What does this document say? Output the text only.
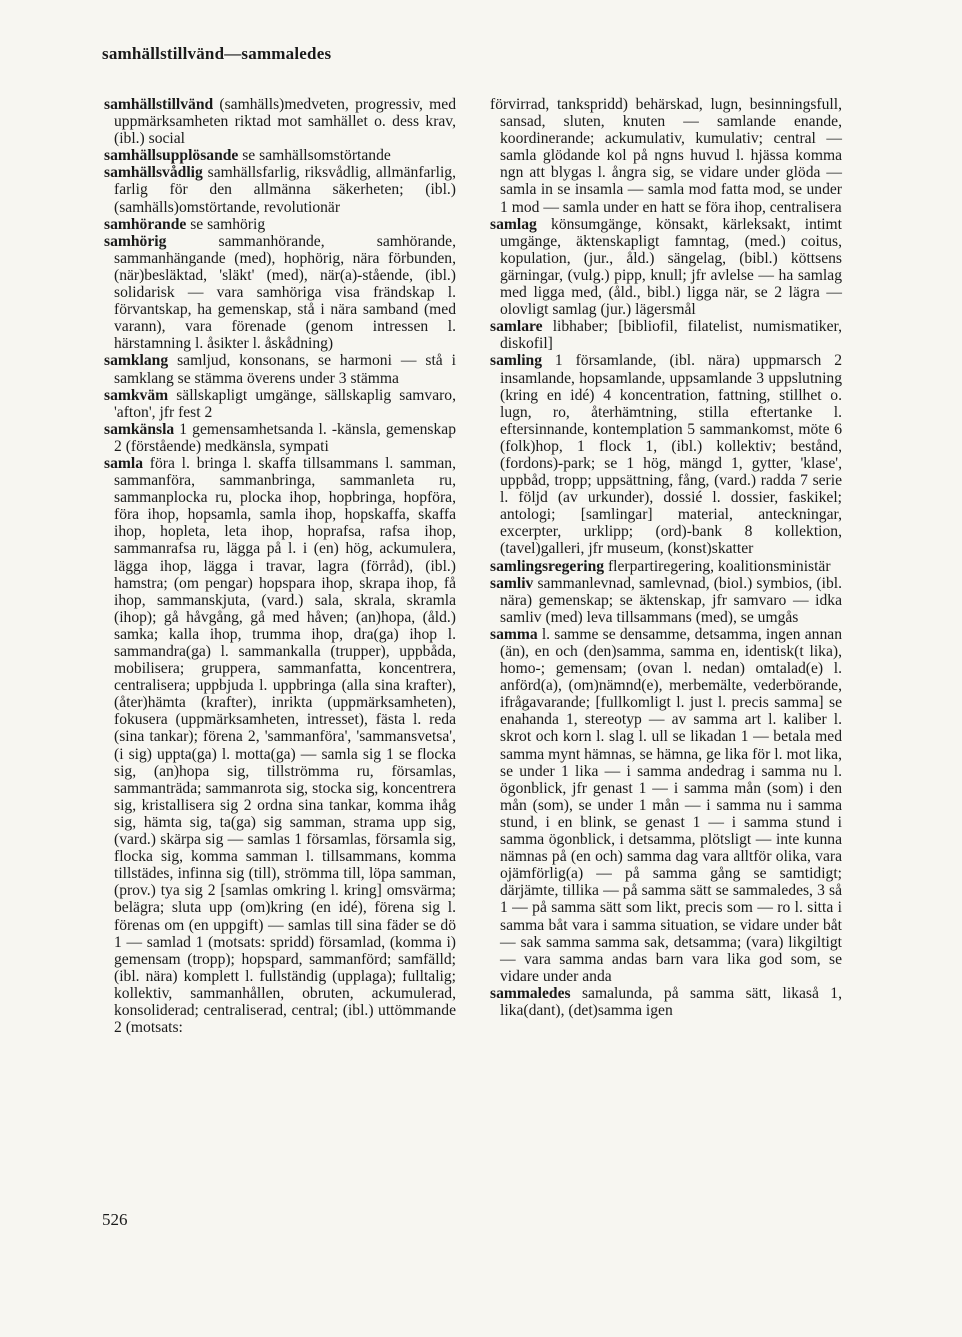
samhällstillvänd—sammaledes

samhällstillvänd (samhälls)medveten, progressiv, med uppmärksamheten riktad mot samhället o. dess krav, (ibl.) social

samhällsupplösande se samhällsomstörtande

samhällsvådlig samhällsfarlig, riksvådlig, allmänfarlig, farlig för den allmänna säkerheten; (ibl.) (samhälls)omstörtande, revolutionär

samhörande se samhörig

samhörig sammanhörande, samhörande, sammanhängande (med), hophörig, nära förbunden, (när)besläktad, 'släkt' (med), när(a)-stående, (ibl.) solidarisk — vara samhöriga visa frändskap l. förvantskap, ha gemenskap, stå i nära samband (med varann), vara förenade (genom intressen l. härstamning l. åsikter l. åskådning)

samklang samljud, konsonans, se harmoni — stå i samklang se stämma överens under 3 stämma

samkväm sällskapligt umgänge, sällskaplig samvaro, 'afton', jfr fest 2

samkänsla 1 gemensamhetsanda l. -känsla, gemenskap 2 (förstående) medkänsla, sympati

samla föra l. bringa l. skaffa tillsammans l. samman, sammanföra, sammanbringa, sammanleta ru, sammanplocka ru, plocka ihop, hopbringa, hopföra, föra ihop, hopsamla, samla ihop, hopskaffa, skaffa ihop, hopleta, leta ihop, hoprafsa, rafsa ihop, sammanrafsa ru, lägga på l. i (en) hög, ackumulera, lägga ihop, lägga i travar, lagra (förråd), (ibl.) hamstra; (om pengar) hopspara ihop, skrapa ihop, få ihop, sammanskjuta, (vard.) sala, skrala, skramla (ihop); gå håvgång, gå med håven; (an)hopa, (åld.) samka; kalla ihop, trumma ihop, dra(ga) ihop l. sammandra(ga) l. sammankalla (trupper), uppbåda, mobilisera; gruppera, sammanfatta, koncentrera, centralisera; uppbjuda l. uppbringa (alla sina krafter), (åter)hämta (krafter), inrikta (uppmärksamheten), fokusera (uppmärksamheten, intresset), fästa l. reda (sina tankar); förena 2, 'sammanföra', 'sammansvetsa', (i sig) uppta(ga) l. motta(ga) — samla sig 1 se flocka sig, (an)hopa sig, tillströmma ru, församlas, sammanträda; sammanrota sig, stocka sig, koncentrera sig, kristallisera sig 2 ordna sina tankar, komma ihåg sig, hämta sig, ta(ga) sig samman, strama upp sig, (vard.) skärpa sig — samlas 1 församlas, församla sig, flocka sig, komma samman l. tillsammans, komma tillstädes, infinna sig (till), strömma till, löpa samman, (prov.) tya sig 2 [samlas omkring l. kring] omsvärma; belägra; sluta upp (om)kring (en idé), förena sig l. förenas om (en uppgift) — samlas till sina fäder se dö 1 — samlad 1 (motsats: spridd) församlad, (komma i) gemensam (tropp); hopspard, sammanförd; samfälld; (ibl. nära) komplett l. fullständig (upplaga); fulltalig; kollektiv, sammanhållen, obruten, ackumulerad, konsoliderad; centraliserad, central; (ibl.) uttömmande 2 (motsats:

förvirrad, tankspridd) behärskad, lugn, besinningsfull, sansad, sluten, knuten — samlande enande, koordinerande; ackumulativ, kumulativ; central — samla glödande kol på ngns huvud l. hjässa komma ngn att blygas l. ångra sig, se vidare under glöda — samla in se insamla — samla mod fatta mod, se under 1 mod — samla under en hatt se föra ihop, centralisera

samlag könsumgänge, könsakt, kärleksakt, intimt umgänge, äktenskapligt famntag, (med.) coitus, kopulation, (jur., åld.) sängelag, (bibl.) köttsens gärningar, (vulg.) pipp, knull; jfr avlelse — ha samlag med ligga med, (åld., bibl.) ligga när, se 2 lägra — olovligt samlag (jur.) lägersmål

samlare libhaber; [bibliofil, filatelist, numismatiker, diskofil]

samling 1 församlande, (ibl. nära) uppmarsch 2 insamlande, hopsamlande, uppsamlande 3 uppslutning (kring en idé) 4 koncentration, fattning, stillhet o. lugn, ro, återhämtning, stilla eftertanke l. eftersinnande, kontemplation 5 sammankomst, möte 6 (folk)hop, 1 flock 1, (ibl.) kollektiv; bestånd, (fordons)-park; se 1 hög, mängd 1, gytter, 'klase', uppbåd, tropp; uppsättning, fång, (vard.) radda 7 serie l. följd (av urkunder), dossié l. dossier, faskikel; antologi; [samlingar] material, anteckningar, excerpter, urklipp; (ord)-bank 8 kollektion, (tavel)galleri, jfr museum, (konst)skatter

samlingsregering flerpartiregering, koalitionsministär

samliv sammanlevnad, samlevnad, (biol.) symbios, (ibl. nära) gemenskap; se äktenskap, jfr samvaro — idka samliv (med) leva tillsammans (med), se umgås

samma l. samme se densamme, detsamma, ingen annan (än), en och (den)samma, samma en, identisk(t lika), homo-; gemensam; (ovan l. nedan) omtalad(e) l. anförd(a), (om)nämnd(e), merbemälte, vederbörande, ifrågavarande; [fullkomligt l. just l. precis samma] se enahanda 1, stereotyp — av samma art l. kaliber l. skrot och korn l. slag l. ull se likadan 1 — betala med samma mynt hämnas, se hämna, ge lika för l. mot lika, se under 1 lika — i samma andedrag i samma nu l. ögonblick, jfr genast 1 — i samma mån (som) i den mån (som), se under 1 mån — i samma nu i samma stund, i en blink, se genast 1 — i samma stund i samma ögonblick, i detsamma, plötsligt — inte kunna nämnas på (en och) samma dag vara alltför olika, vara ojämförlig(a) — på samma gång se samtidigt; därjämte, tillika — på samma sätt se sammaledes, 3 så 1 — på samma sätt som likt, precis som — ro l. sitta i samma båt vara i samma situation, se vidare under båt — sak samma samma sak, detsamma; (vara) likgiltigt — vara samma andas barn vara lika god som, se vidare under anda

sammaledes samalunda, på samma sätt, likaså 1, lika(dant), (det)samma igen

526
